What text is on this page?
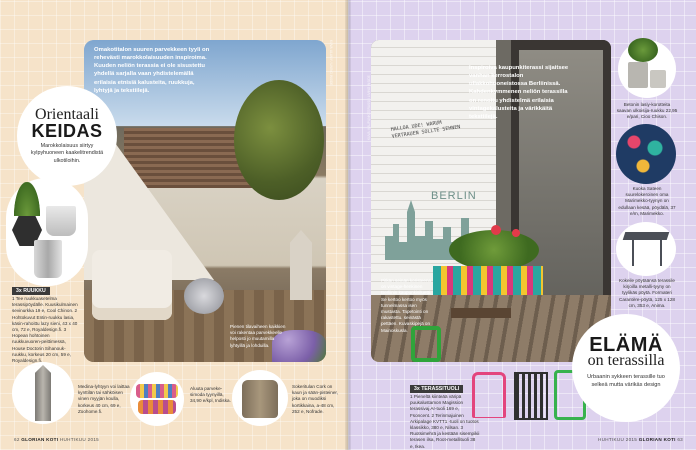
Pienen tilavaiheen kaikkien voi rakentaa parvekkeelle helposti jo muutamilla lyhtyillä ja lohduilla.
KUVA: ALAMY / LIVING INSIDE
Omakotitalon suuren parvekkeen tyyli on rehevästi marokkolaisuuden inspiroima. Kuuden neliön terassia ei ole sisustettu yhdellä sarjalla vaan yhdistelemällä erilaisia etnisiä kalusteita, ruukkuja, lyhtyjä ja tekstiilejä.
Orientaali
KEIDAS
Marokkolaisuus siirtyy kylpyhuoneen kaakelitrendistä ulkotiloihin.
3x RUUKKU
1 Tee ruukkuasetelma terassipöydälle. Kuusikulmainen sevinurkka 19 e, Cool Chinon. 2 Hohtokuvut Entin-ruukku lasia, käsin-rahoittu lazy sieni, 43 x 40 cm, 72 e, Royaldesign.fi. 3 Hopean hohtoinen ruukkuvuoren-peittimessä, House Doctorin Sihanouk-ruukku, korkeus 20 cm, 59 e, Royaldesign.fi.
Medina-lyhtyyn voi laittaa kynttilän tai sähköisen vinen myyjän koulla, korkeus 40 cm, 69 e, Zoohome.fi.
Aluuta parveke-simoda tyynyillä, 34,90 e/kpl, Indiska.
Sokeritulan Cork on kaun ja sään-pisteiner, joka on muodiksi kortikkaina, a-48 cm, 252 e, Nofrade.
62 GLORIAN KOTI HUHTIKUU 2015
HALLOA UDE! WARUM VERTRAUEN SOLLTE SEHNEN
BERLIN
Pitkän seinän koristeena on vintage-henkinen Berliinin kaupunkisiluetti. Se kertoo kertoo myös tunnelmassa isen mustasta. Tapetointi on rakastettu. seinästä pettäen. Kuvaskipejä on Mainoskusla.
KUVA: KAUPUNKITERASSI / LIVING INSIDE
Inspiroiva kaupunkiterassi sijaitsee vanhan kerrostalon ullakkohuoneistossa Berliinissä. Kahdenkymmenen neliön terassilla on renoitu yhdistelmä erilaisia vintagekalusteita ja värikkäitä tekstiilejä.
Betonin lasiy-korotteita saavan ulkoisija-ruukku 22,95 e/pari, Cioo Chison.
Kuoka Sateen suurelokeroinen oma Marimekko-tyynyn on edullaan kesää, pöydälä, 37 e/m, Marimekko.
Kokeile pöytäänsä terassile kirjoilla metalli-tyyny on tyylikäs pöytä. Formateri Carantère-pöytä, 125 x 128 cm, 353 e, Anima.
3x TERASSITUOLI
1 Pieneltä kiinteää väripä puukalustamon Magission terassivaj Ar-tuoli 169 e, Fsoncent. 2 Terinmajuinen Arkipalage KVTT1 -tuoli on tuotos klassikko, 380 e, Nilsan. 3 Ruotsimehrä ja kestään sisempikii terasen ilsa, Root-metallituoli 38 e, Ikea.
ELÄMÄ
on terassilla
Urbaanin sykkeen terassille tuo selkeä mutta värikäs design
HUHTIKUU 2015 GLORIAN KOTI 63
